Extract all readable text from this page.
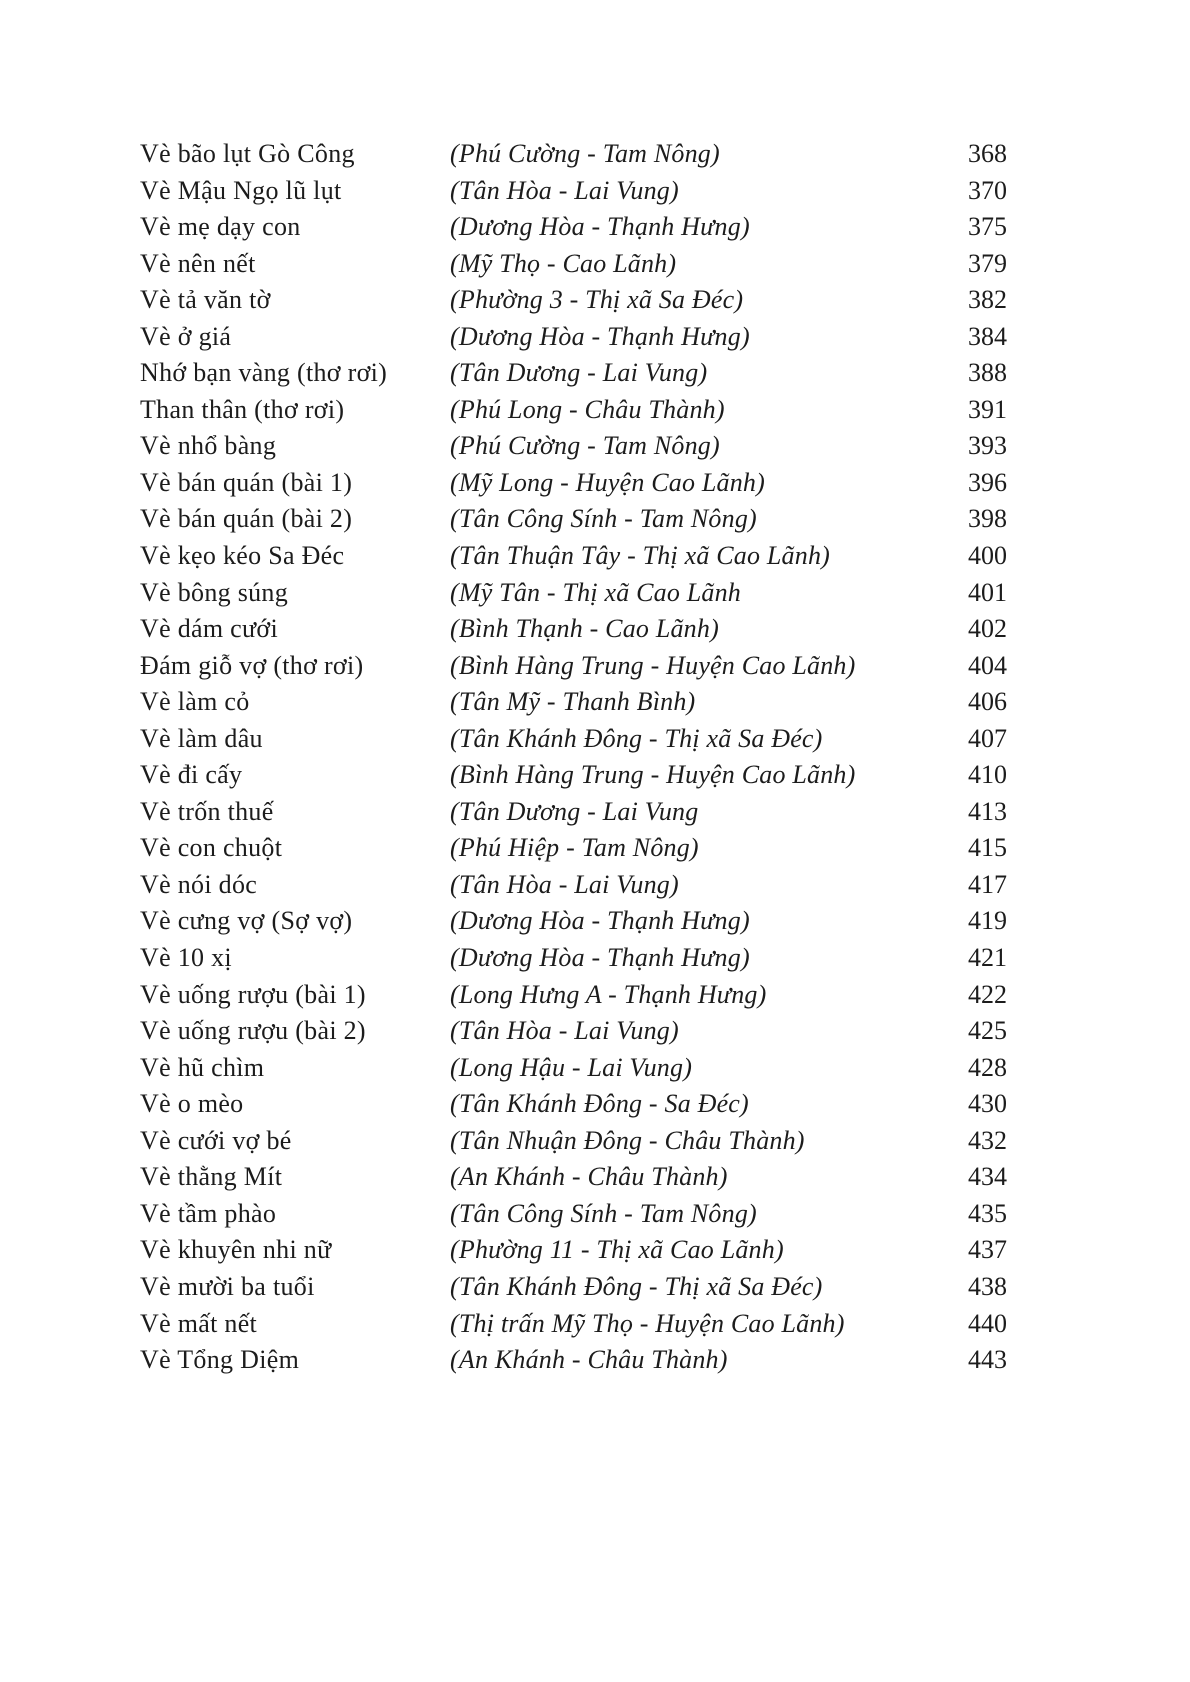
Vè bão lụt Gò Công	(Phú Cường - Tam Nông)	368
Vè Mậu Ngọ lũ lụt	(Tân Hòa - Lai Vung)	370
Vè mẹ dạy con	(Dương Hòa - Thạnh Hưng)	375
Vè nên nết	(Mỹ Thọ - Cao Lãnh)	379
Vè tả văn tờ	(Phường 3 - Thị xã Sa Đéc)	382
Vè ở giá	(Dương Hòa - Thạnh Hưng)	384
Nhớ bạn vàng (thơ rơi)	(Tân Dương - Lai Vung)	388
Than thân (thơ rơi)	(Phú Long - Châu Thành)	391
Vè nhổ bàng	(Phú Cường - Tam Nông)	393
Vè bán quán (bài 1)	(Mỹ Long - Huyện Cao Lãnh)	396
Vè bán quán (bài 2)	(Tân Công Sính - Tam Nông)	398
Vè kẹo kéo Sa Đéc	(Tân Thuận Tây - Thị xã Cao Lãnh)	400
Vè bông súng	(Mỹ Tân - Thị xã Cao Lãnh	401
Vè dám cưới	(Bình Thạnh - Cao Lãnh)	402
Đám giỗ vợ (thơ rơi)	(Bình Hàng Trung - Huyện Cao Lãnh)	404
Vè làm cỏ	(Tân Mỹ - Thanh Bình)	406
Vè làm dâu	(Tân Khánh Đông - Thị xã Sa Đéc)	407
Vè đi cấy	(Bình Hàng Trung - Huyện Cao Lãnh)	410
Vè trốn thuế	(Tân Dương - Lai Vung	413
Vè con chuột	(Phú Hiệp - Tam Nông)	415
Vè nói dóc	(Tân Hòa - Lai Vung)	417
Vè cưng vợ (Sợ vợ)	(Dương Hòa - Thạnh Hưng)	419
Vè 10 xị	(Dương Hòa - Thạnh Hưng)	421
Vè uống rượu (bài 1)	(Long Hưng A - Thạnh Hưng)	422
Vè uống rượu (bài 2)	(Tân Hòa - Lai Vung)	425
Vè hũ chìm	(Long Hậu - Lai Vung)	428
Vè o mèo	(Tân Khánh Đông - Sa Đéc)	430
Vè cưới vợ bé	(Tân Nhuận Đông - Châu Thành)	432
Vè thằng Mít	(An Khánh - Châu Thành)	434
Vè tầm phào	(Tân Công Sính - Tam Nông)	435
Vè khuyên nhi nữ	(Phường 11 - Thị xã Cao Lãnh)	437
Vè mười ba tuổi	(Tân Khánh Đông - Thị xã Sa Đéc)	438
Vè mất nết	(Thị trấn Mỹ Thọ - Huyện Cao Lãnh)	440
Vè Tổng Diệm	(An Khánh - Châu Thành)	443
